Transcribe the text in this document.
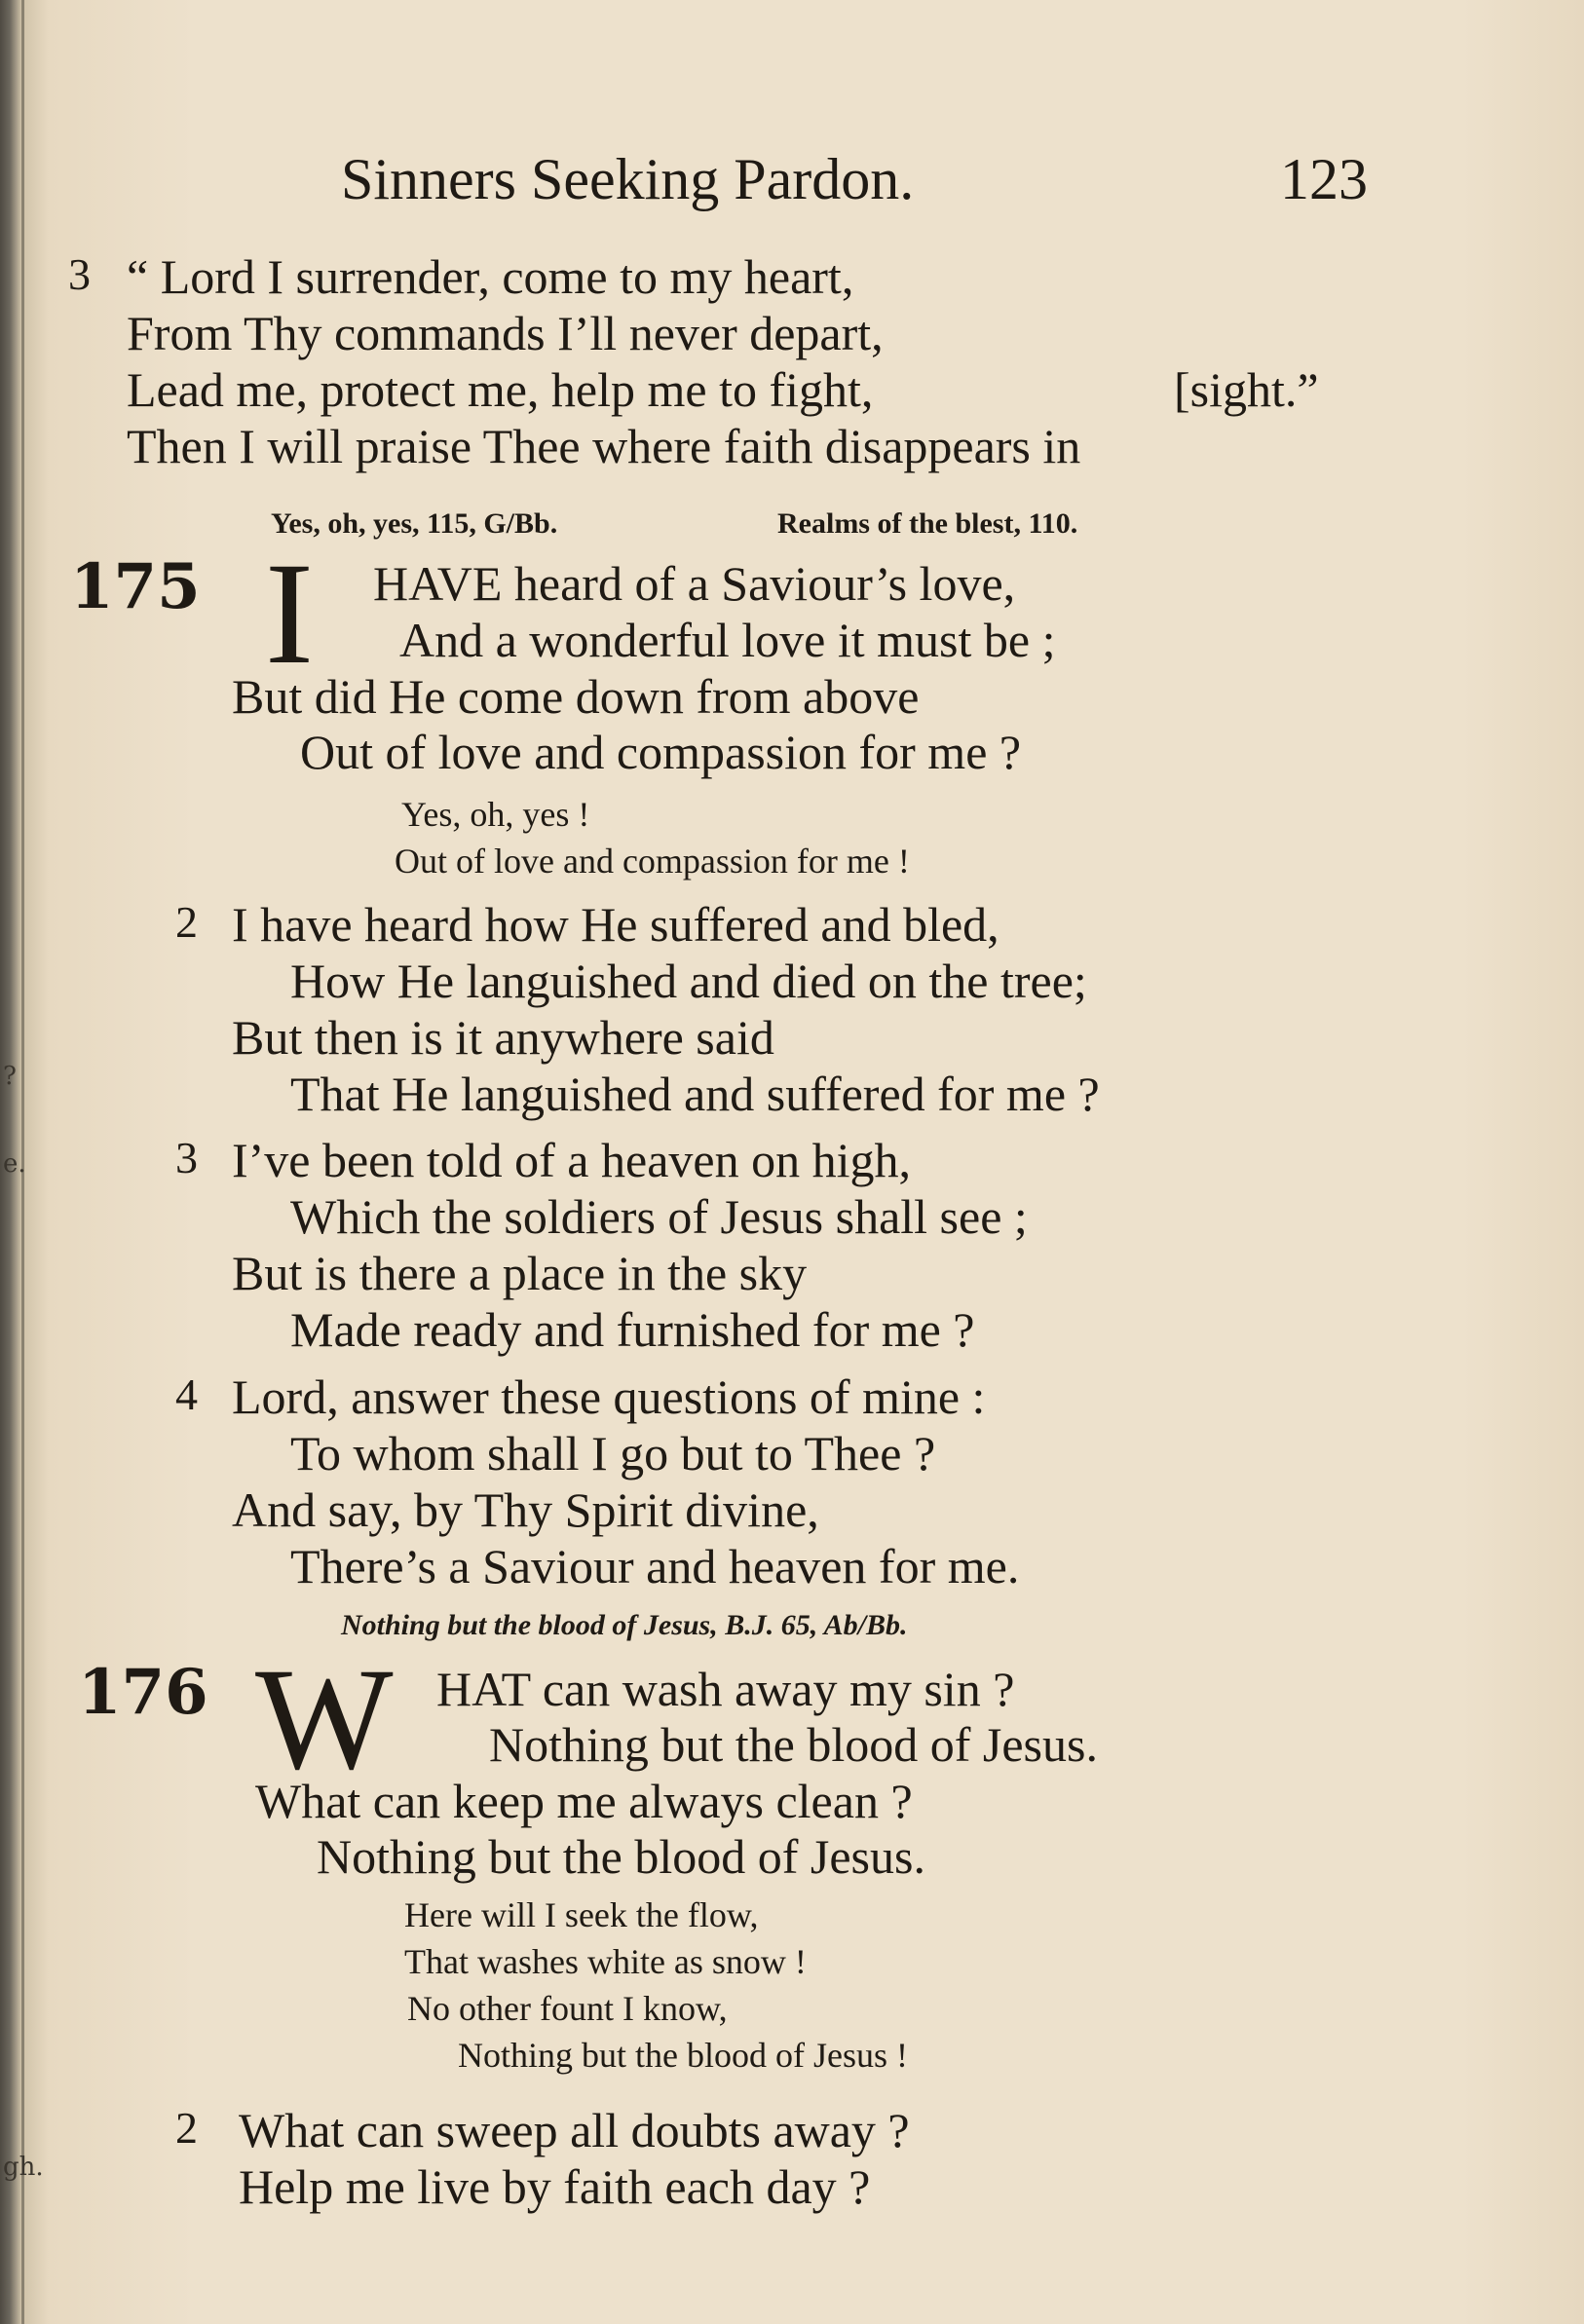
?
e.
gh.
Sinners Seeking Pardon.	123
3 “ Lord I surrender, come to my heart,
From Thy commands I’ll never depart,
Lead me, protect me, help me to fight,	[sight.”
Then I will praise Thee where faith disappears in
Yes, oh, yes, 115, G/Bb.	Realms of the blest, 110.
175 I HAVE heard of a Saviour’s love,
And a wonderful love it must be ;
But did He come down from above
Out of love and compassion for me ?
Yes, oh, yes !
Out of love and compassion for me !
2 I have heard how He suffered and bled,
How He languished and died on the tree;
But then is it anywhere said
That He languished and suffered for me ?
3 I’ve been told of a heaven on high,
Which the soldiers of Jesus shall see ;
But is there a place in the sky
Made ready and furnished for me ?
4 Lord, answer these questions of mine :
To whom shall I go but to Thee ?
And say, by Thy Spirit divine,
There’s a Saviour and heaven for me.
Nothing but the blood of Jesus, B.J. 65, Ab/Bb.
176 W HAT can wash away my sin ?
Nothing but the blood of Jesus.
What can keep me always clean ?
Nothing but the blood of Jesus.
Here will I seek the flow,
That washes white as snow !
No other fount I know,
Nothing but the blood of Jesus !
2 What can sweep all doubts away ?
Help me live by faith each day ?
